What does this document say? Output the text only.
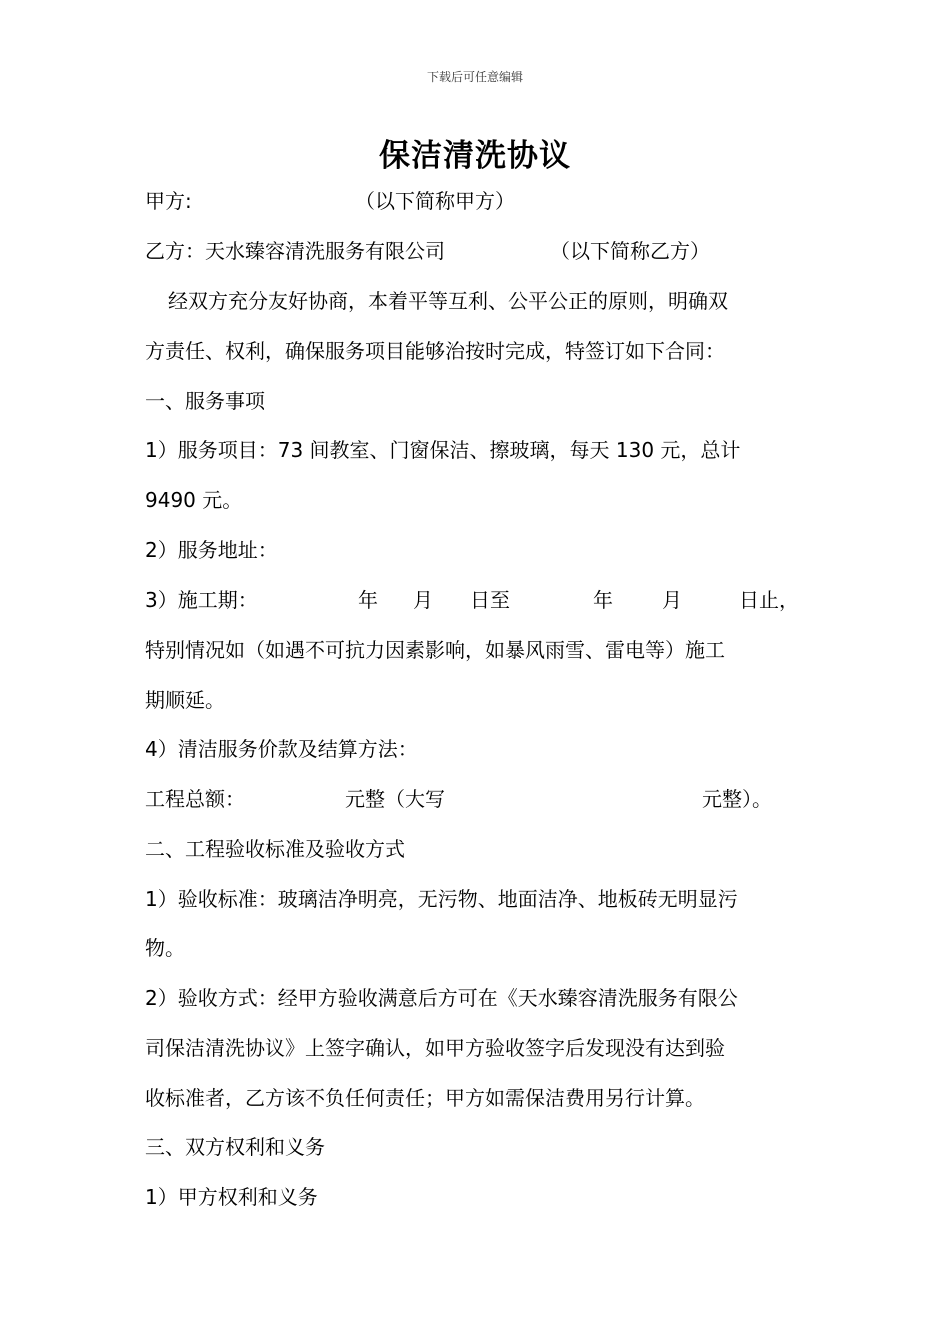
下载后可任意编辑
保洁清洗协议
甲方:	（以下简称甲方）
乙方：天水臻容清洗服务有限公司	（以下简称乙方）
经双方充分友好协商，本着平等互利、公平公正的原则，明确双
方责任、权利，确保服务项目能够治按时完成，特签订如下合同：
一、服务事项
1）服务项目：73 间教室、门窗保洁、擦玻璃，每天 130 元，总计
9490 元。
2）服务地址：
3）施工期：	年 月 日至	年 月	日止，
特别情况如（如遇不可抗力因素影响，如暴风雨雪、雷电等）施工
期顺延。
4）清洁服务价款及结算方法：
工程总额：	元整（大写	元整）。
二、工程验收标准及验收方式
1）验收标准：玻璃洁净明亮，无污物、地面洁净、地板砖无明显污
物。
2）验收方式：经甲方验收满意后方可在《天水臻容清洗服务有限公
司保洁清洗协议》上签字确认，如甲方验收签字后发现没有达到验
收标准者，乙方该不负任何责任；甲方如需保洁费用另行计算。
三、双方权利和义务
1）甲方权利和义务
